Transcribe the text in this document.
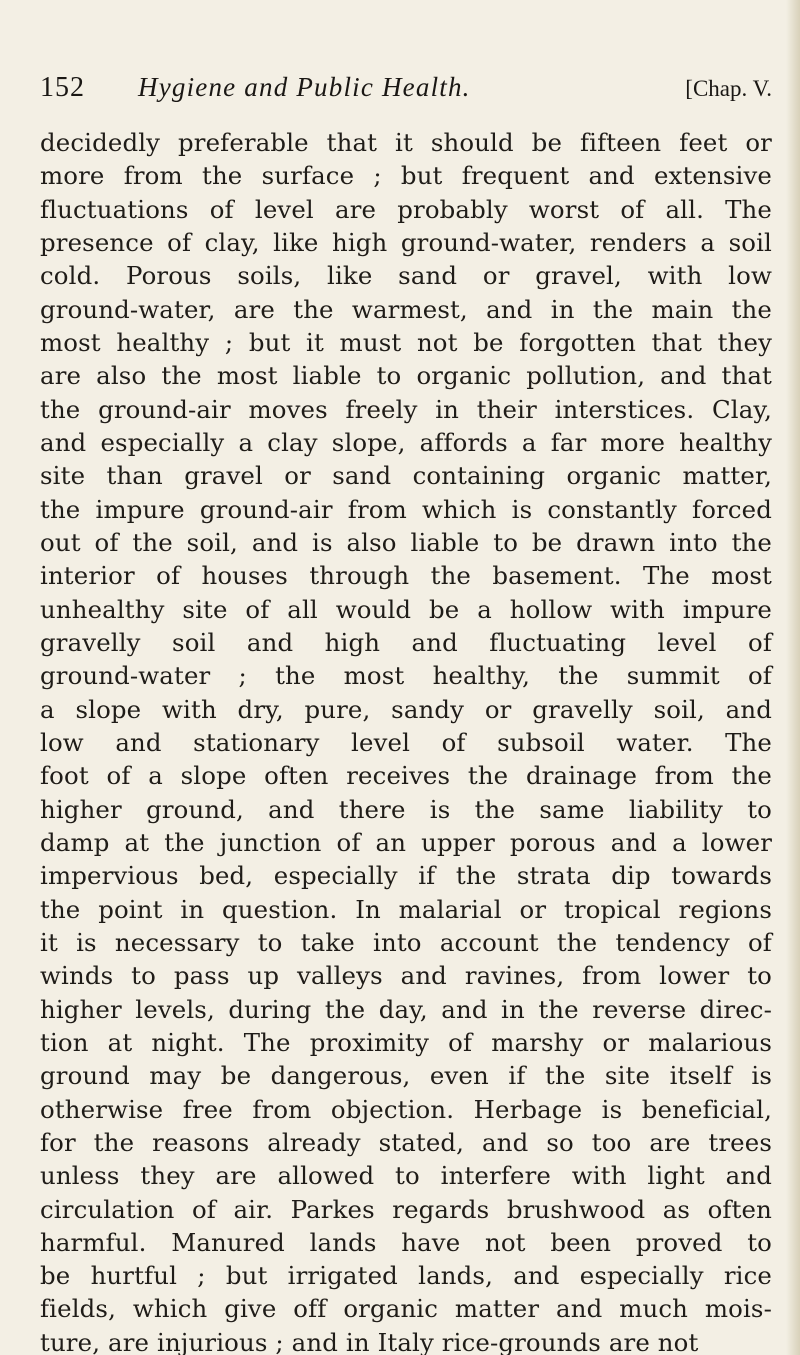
152	Hygiene and Public Health.	[Chap. V.
decidedly preferable that it should be fifteen feet or
more from the surface ; but frequent and extensive
fluctuations of level are probably worst of all. The
presence of clay, like high ground-water, renders a soil
cold. Porous soils, like sand or gravel, with low
ground-water, are the warmest, and in the main the
most healthy ; but it must not be forgotten that they
are also the most liable to organic pollution, and that
the ground-air moves freely in their interstices. Clay,
and especially a clay slope, affords a far more healthy
site than gravel or sand containing organic matter,
the impure ground-air from which is constantly forced
out of the soil, and is also liable to be drawn into the
interior of houses through the basement. The most
unhealthy site of all would be a hollow with impure
gravelly soil and high and fluctuating level of
ground-water ; the most healthy, the summit of
a slope with dry, pure, sandy or gravelly soil, and
low and stationary level of subsoil water. The
foot of a slope often receives the drainage from the
higher ground, and there is the same liability to
damp at the junction of an upper porous and a lower
impervious bed, especially if the strata dip towards
the point in question. In malarial or tropical regions
it is necessary to take into account the tendency of
winds to pass up valleys and ravines, from lower to
higher levels, during the day, and in the reverse direc-
tion at night. The proximity of marshy or malarious
ground may be dangerous, even if the site itself is
otherwise free from objection. Herbage is beneficial,
for the reasons already stated, and so too are trees
unless they are allowed to interfere with light and
circulation of air. Parkes regards brushwood as often
harmful. Manured lands have not been proved to
be hurtful ; but irrigated lands, and especially rice
fields, which give off organic matter and much mois-
ture, are injurious ; and in Italy rice-grounds are not
